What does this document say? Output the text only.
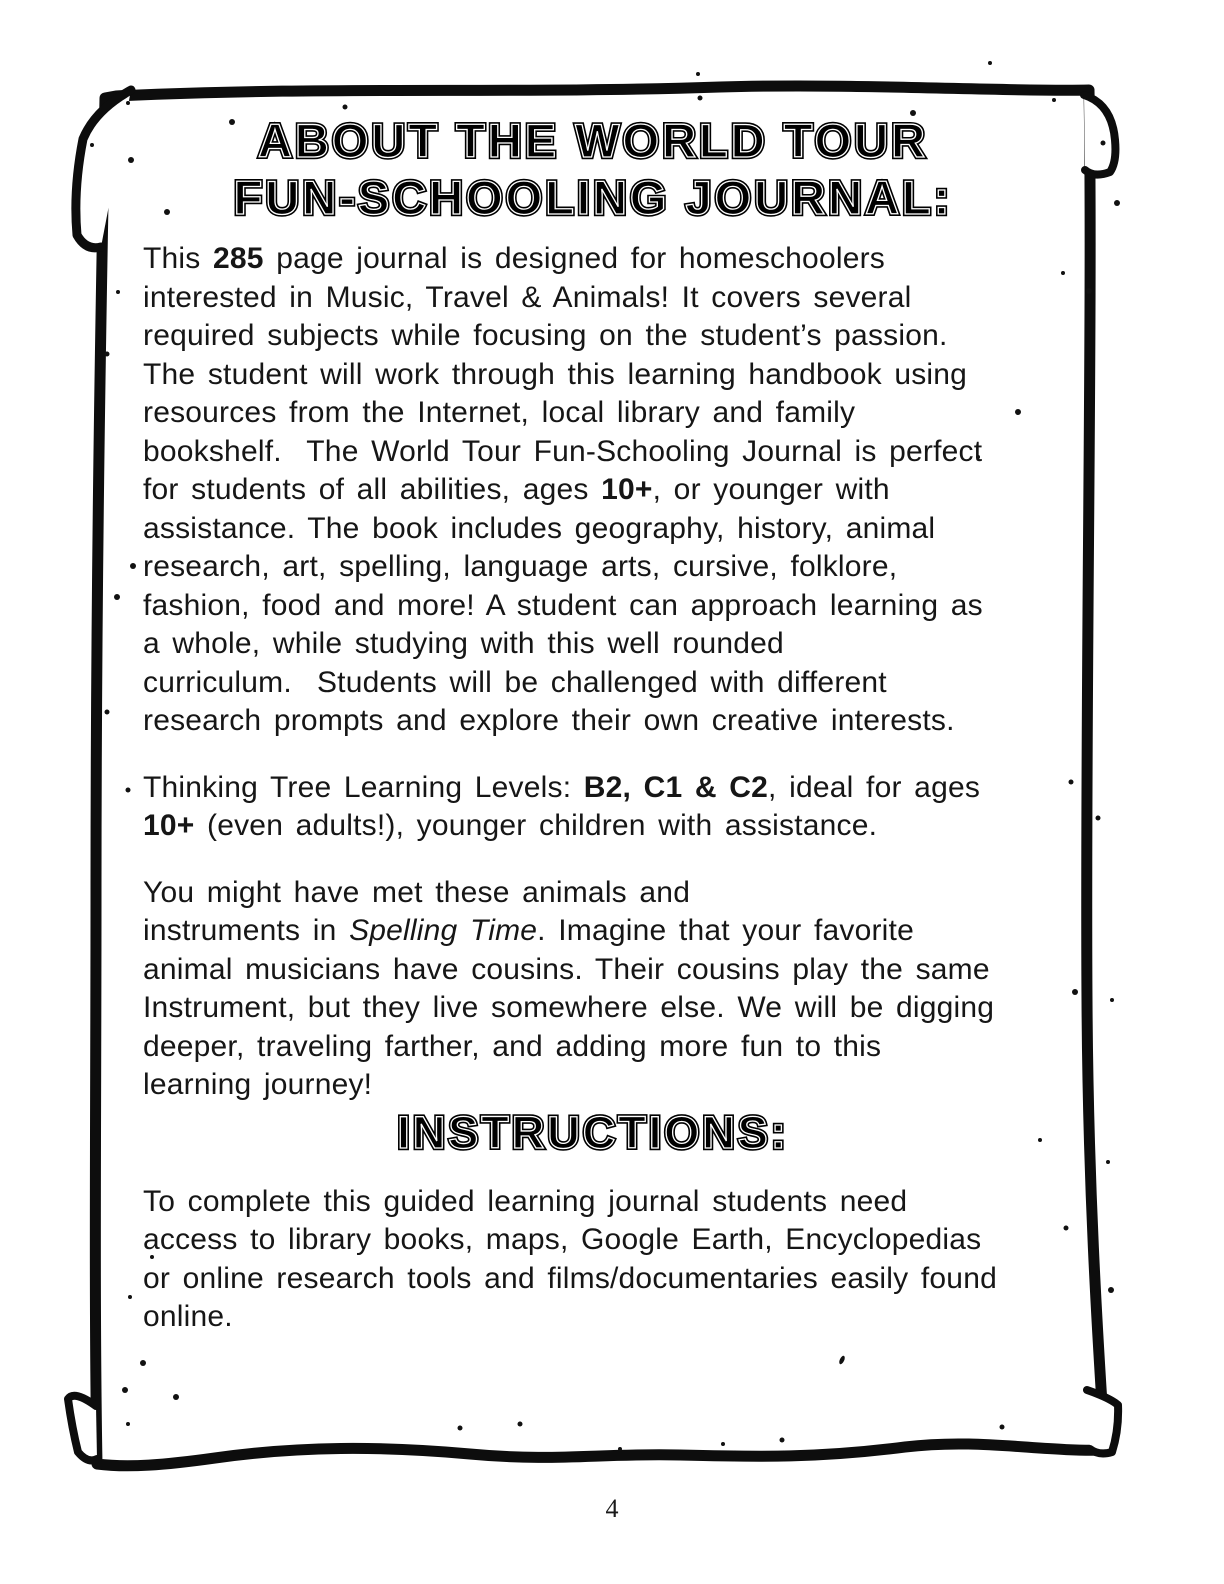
ABOUT THE WORLD TOUR ABOUT THE WORLD TOUR
FUN-SCHOOLING JOURNAL: FUN-SCHOOLING JOURNAL:
This 285 page journal is designed for homeschoolers
interested in Music, Travel & Animals! It covers several
required subjects while focusing on the student’s passion.
The student will work through this learning handbook using
resources from the Internet, local library and family
bookshelf.  The World Tour Fun-Schooling Journal is perfect
for students of all abilities, ages 10+, or younger with
assistance. The book includes geography, history, animal
research, art, spelling, language arts, cursive, folklore,
fashion, food and more! A student can approach learning as
a whole, while studying with this well rounded
curriculum.  Students will be challenged with different
research prompts and explore their own creative interests.
Thinking Tree Learning Levels: B2, C1 & C2, ideal for ages
10+ (even adults!), younger children with assistance.
You might have met these animals and
instruments in Spelling Time. Imagine that your favorite
animal musicians have cousins. Their cousins play the same
Instrument, but they live somewhere else. We will be digging
deeper, traveling farther, and adding more fun to this
learning journey!
INSTRUCTIONS: INSTRUCTIONS:
To complete this guided learning journal students need
access to library books, maps, Google Earth, Encyclopedias
or online research tools and films/documentaries easily found
online.
4
